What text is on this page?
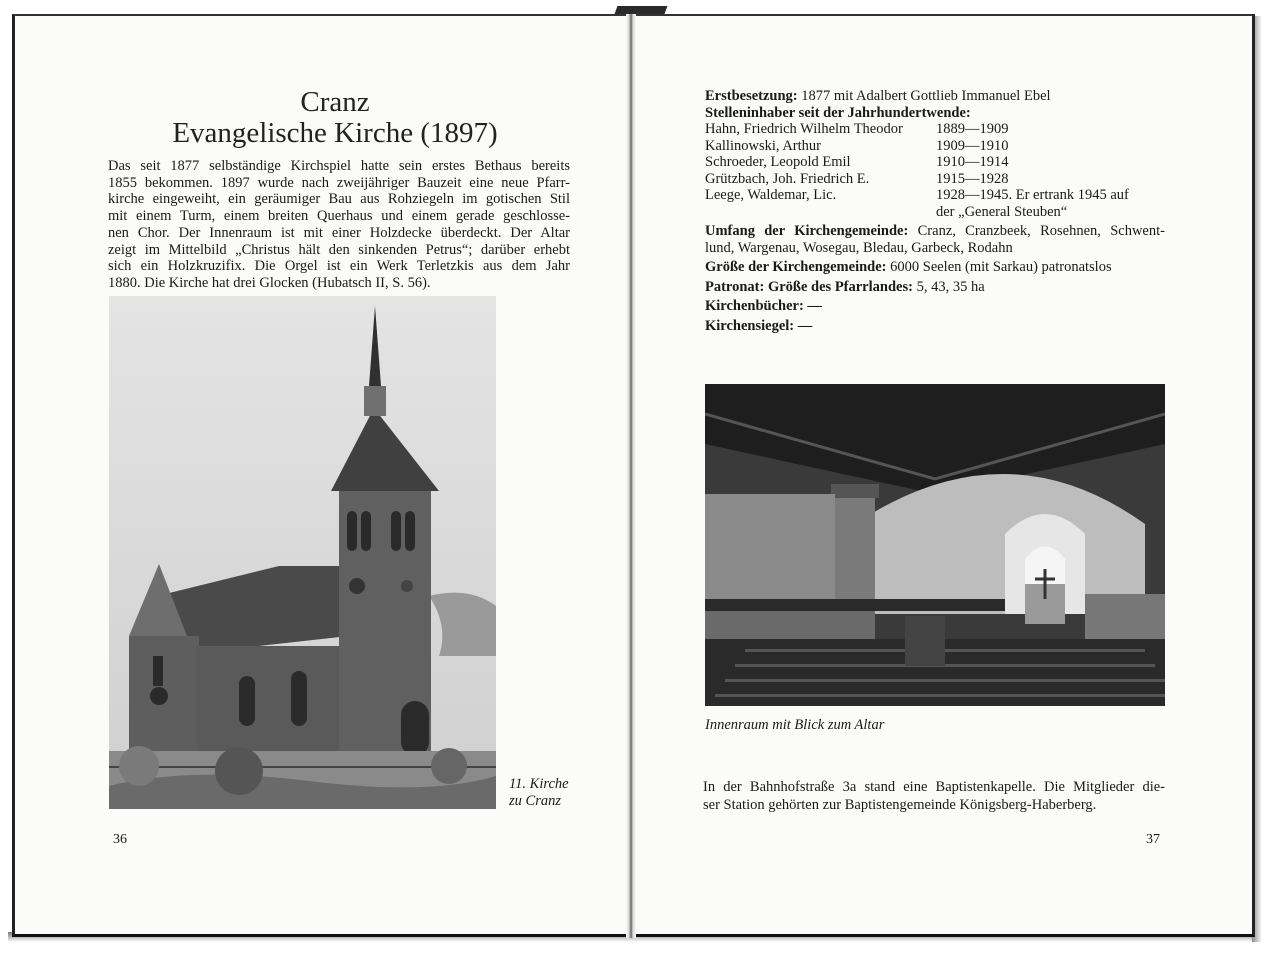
Cranz
Evangelische Kirche (1897)
Das seit 1877 selbständige Kirchspiel hatte sein erstes Bethaus bereits
1855 bekommen. 1897 wurde nach zweijähriger Bauzeit eine neue Pfarr-
kirche eingeweiht, ein geräumiger Bau aus Rohziegeln im gotischen Stil
mit einem Turm, einem breiten Querhaus und einem gerade geschlosse-
nen Chor. Der Innenraum ist mit einer Holzdecke überdeckt. Der Altar
zeigt im Mittelbild „Christus hält den sinkenden Petrus“; darüber erhebt
sich ein Holzkruzifix. Die Orgel ist ein Werk Terletzkis aus dem Jahr
1880. Die Kirche hat drei Glocken (Hubatsch II, S. 56).
11. Kirche
zu Cranz
36
Erstbesetzung: 1877 mit Adalbert Gottlieb Immanuel Ebel
Stelleninhaber seit der Jahrhundertwende:
Hahn, Friedrich Wilhelm Theodor 1889—1909
Kallinowski, Arthur	1909—1910
Schroeder, Leopold Emil	1910—1914
Grützbach, Joh. Friedrich E.	1915—1928
Leege, Waldemar, Lic.	1928—1945. Er ertrank 1945 auf
der „General Steuben“
Umfang der Kirchengemeinde: Cranz, Cranzbeek, Rosehnen, Schwent-
lund, Wargenau, Wosegau, Bledau, Garbeck, Rodahn
Größe der Kirchengemeinde: 6000 Seelen (mit Sarkau) patronatslos
Patronat: Größe des Pfarrlandes: 5, 43, 35 ha
Kirchenbücher: —
Kirchensiegel: —
Innenraum mit Blick zum Altar
In der Bahnhofstraße 3a stand eine Baptistenkapelle. Die Mitglieder die-
ser Station gehörten zur Baptistengemeinde Königsberg-Haberberg.
37
